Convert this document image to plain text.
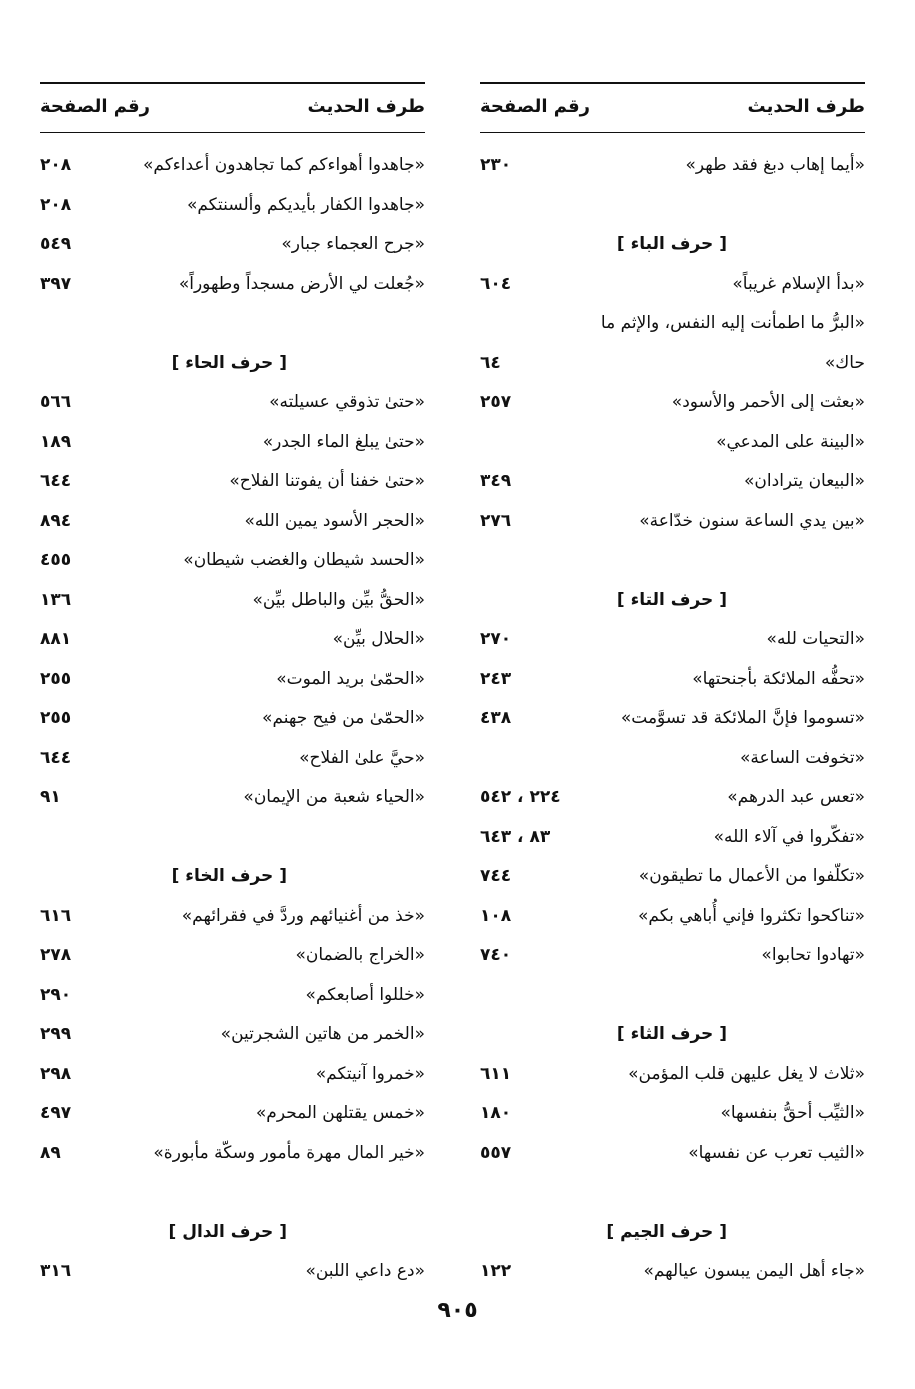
طرف الحديث
رقم الصفحة
«أيما إهاب دبغ فقد طهر»
٢٣٠
[ حرف الباء ]
«بدأ الإسلام غريباً»
٦٠٤
«البرُّ ما اطمأنت إليه النفس، والإثم ما
حاك»
٦٤
«بعثت إلى الأحمر والأسود»
٢٥٧
«البينة على المدعي»
«البيعان يترادان»
٣٤٩
«بين يدي الساعة سنون خدّاعة»
٢٧٦
[ حرف التاء ]
«التحيات لله»
٢٧٠
«تحفُّه الملائكة بأجنحتها»
٢٤٣
«تسوموا فإنَّ الملائكة قد تسوَّمت»
٤٣٨
«تخوفت الساعة»
«تعس عبد الدرهم»
٢٢٤ ، ٥٤٢
«تفكّروا في آلاء الله»
٨٣ ، ٦٤٣
«تكلّفوا من الأعمال ما تطيقون»
٧٤٤
«تناكحوا تكثروا فإني أُباهي بكم»
١٠٨
«تهادوا تحابوا»
٧٤٠
[ حرف الثاء ]
«ثلاث لا يغل عليهن قلب المؤمن»
٦١١
«الثيِّب أحقُّ بنفسها»
١٨٠
«الثيب تعرب عن نفسها»
٥٥٧
[ حرف الجيم ]
«جاء أهل اليمن يبسون عيالهم»
١٢٢
طرف الحديث
رقم الصفحة
«جاهدوا أهواءكم كما تجاهدون أعداءكم»
٢٠٨
«جاهدوا الكفار بأيديكم وألسنتكم»
٢٠٨
«جرح العجماء جبار»
٥٤٩
«جُعلت لي الأرض مسجداً وطهوراً»
٣٩٧
[ حرف الحاء ]
«حتىٰ تذوقي عسيلته»
٥٦٦
«حتىٰ يبلغ الماء الجدر»
١٨٩
«حتىٰ خفنا أن يفوتنا الفلاح»
٦٤٤
«الحجر الأسود يمين الله»
٨٩٤
«الحسد شيطان والغضب شيطان»
٤٥٥
«الحقُّ بيِّن والباطل بيِّن»
١٣٦
«الحلال بيِّن»
٨٨١
«الحمّىٰ بريد الموت»
٢٥٥
«الحمّىٰ من فيح جهنم»
٢٥٥
«حيَّ علىٰ الفلاح»
٦٤٤
«الحياء شعبة من الإيمان»
٩١
[ حرف الخاء ]
«خذ من أغنيائهم وردَّ في فقرائهم»
٦١٦
«الخراج بالضمان»
٢٧٨
«خللوا أصابعكم»
٢٩٠
«الخمر من هاتين الشجرتين»
٢٩٩
«خمروا آنيتكم»
٢٩٨
«خمس يقتلهن المحرم»
٤٩٧
«خير المال مهرة مأمور وسكّة مأبورة»
٨٩
[ حرف الدال ]
«دع داعي اللبن»
٣١٦
٩٠٥
